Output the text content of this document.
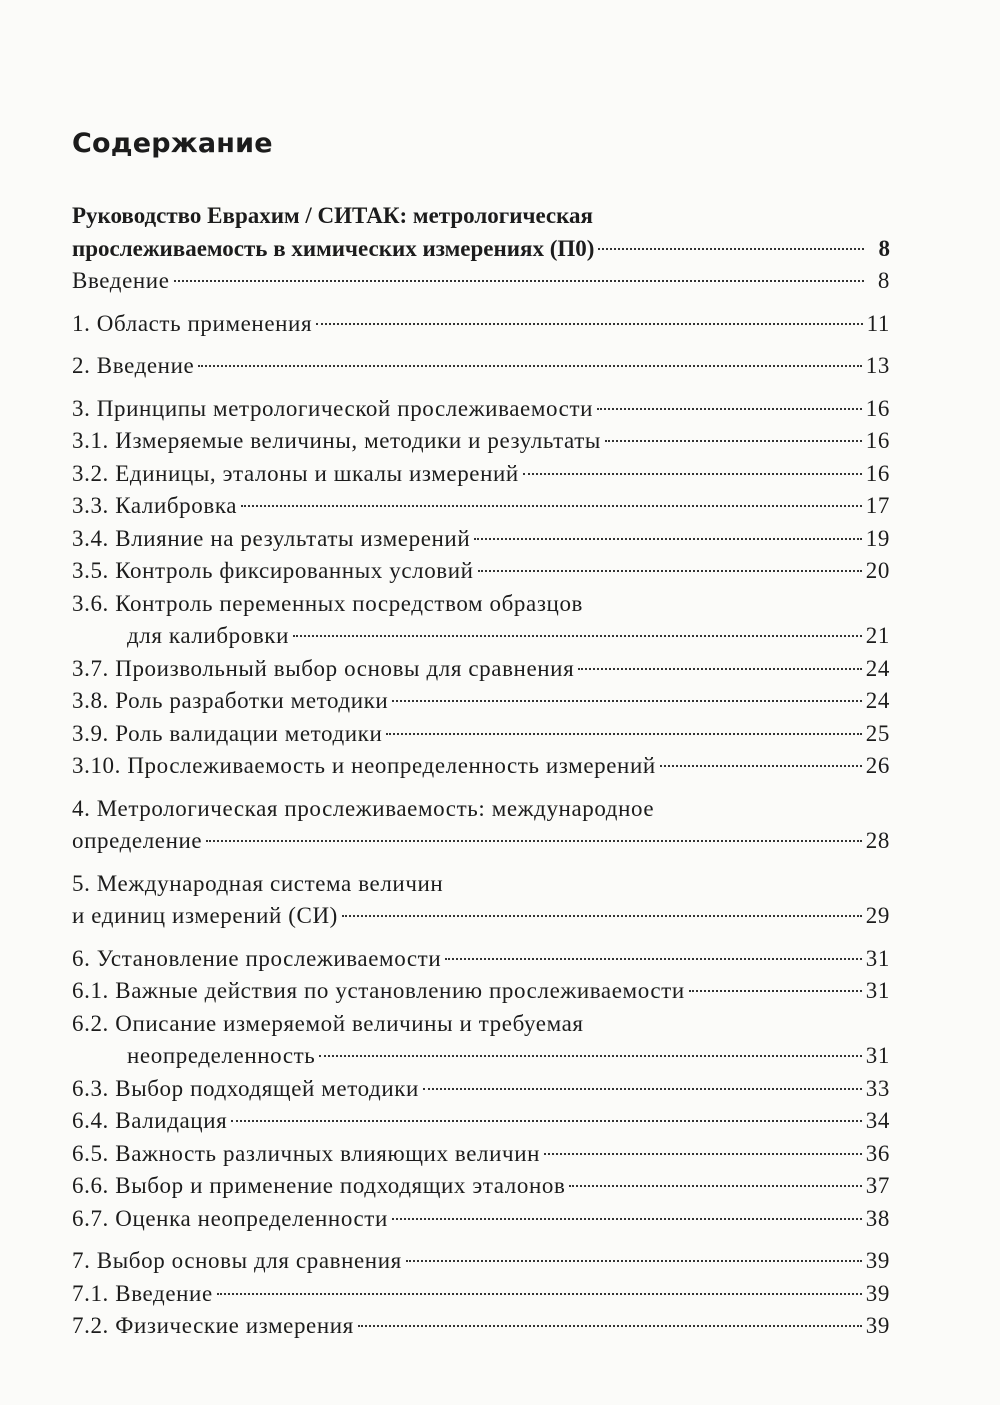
Содержание
Руководство Еврахим / СИТАК: метрологическая
прослеживаемость в химических измерениях (П0)	8
Введение	8
1. Область применения	11
2. Введение	13
3. Принципы метрологической прослеживаемости	16
3.1. Измеряемые величины, методики и результаты	16
3.2. Единицы, эталоны и шкалы измерений	16
3.3. Калибровка	17
3.4. Влияние на результаты измерений	19
3.5. Контроль фиксированных условий	20
3.6. Контроль переменных посредством образцов
для калибровки	21
3.7. Произвольный выбор основы для сравнения	24
3.8. Роль разработки методики	24
3.9. Роль валидации методики	25
3.10. Прослеживаемость и неопределенность измерений	26
4. Метрологическая прослеживаемость: международное
определение	28
5. Международная система величин
и единиц измерений (СИ)	29
6. Установление прослеживаемости	31
6.1. Важные действия по установлению прослеживаемости	31
6.2. Описание измеряемой величины и требуемая
неопределенность	31
6.3. Выбор подходящей методики	33
6.4. Валидация	34
6.5. Важность различных влияющих величин	36
6.6. Выбор и применение подходящих эталонов	37
6.7. Оценка неопределенности	38
7. Выбор основы для сравнения	39
7.1. Введение	39
7.2. Физические измерения	39
